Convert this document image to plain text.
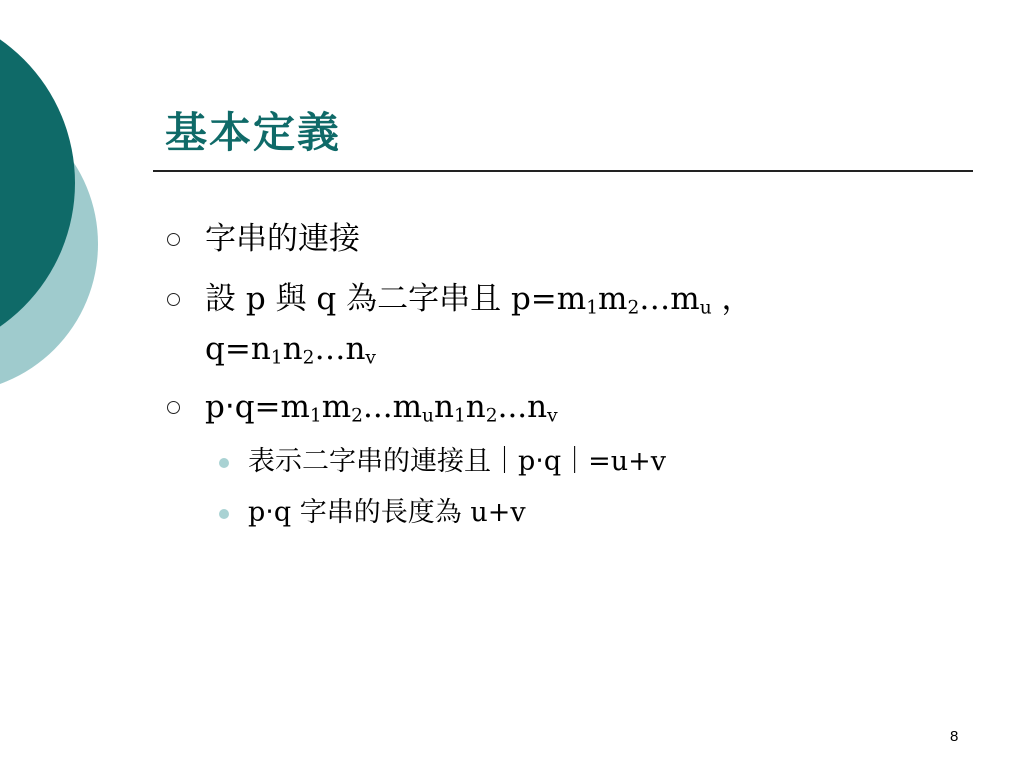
基本定義
字串的連接
設 p 與 q 為二字串且 $p=m_1m_2\dots m_u$ ，
$q=n_1n_2\dots n_v$
$p‧q=m_1m_2...m_un_1n_2...n_v$
表示二字串的連接且｜p‧q｜=u+v
p‧q 字串的長度為 u+v
8
